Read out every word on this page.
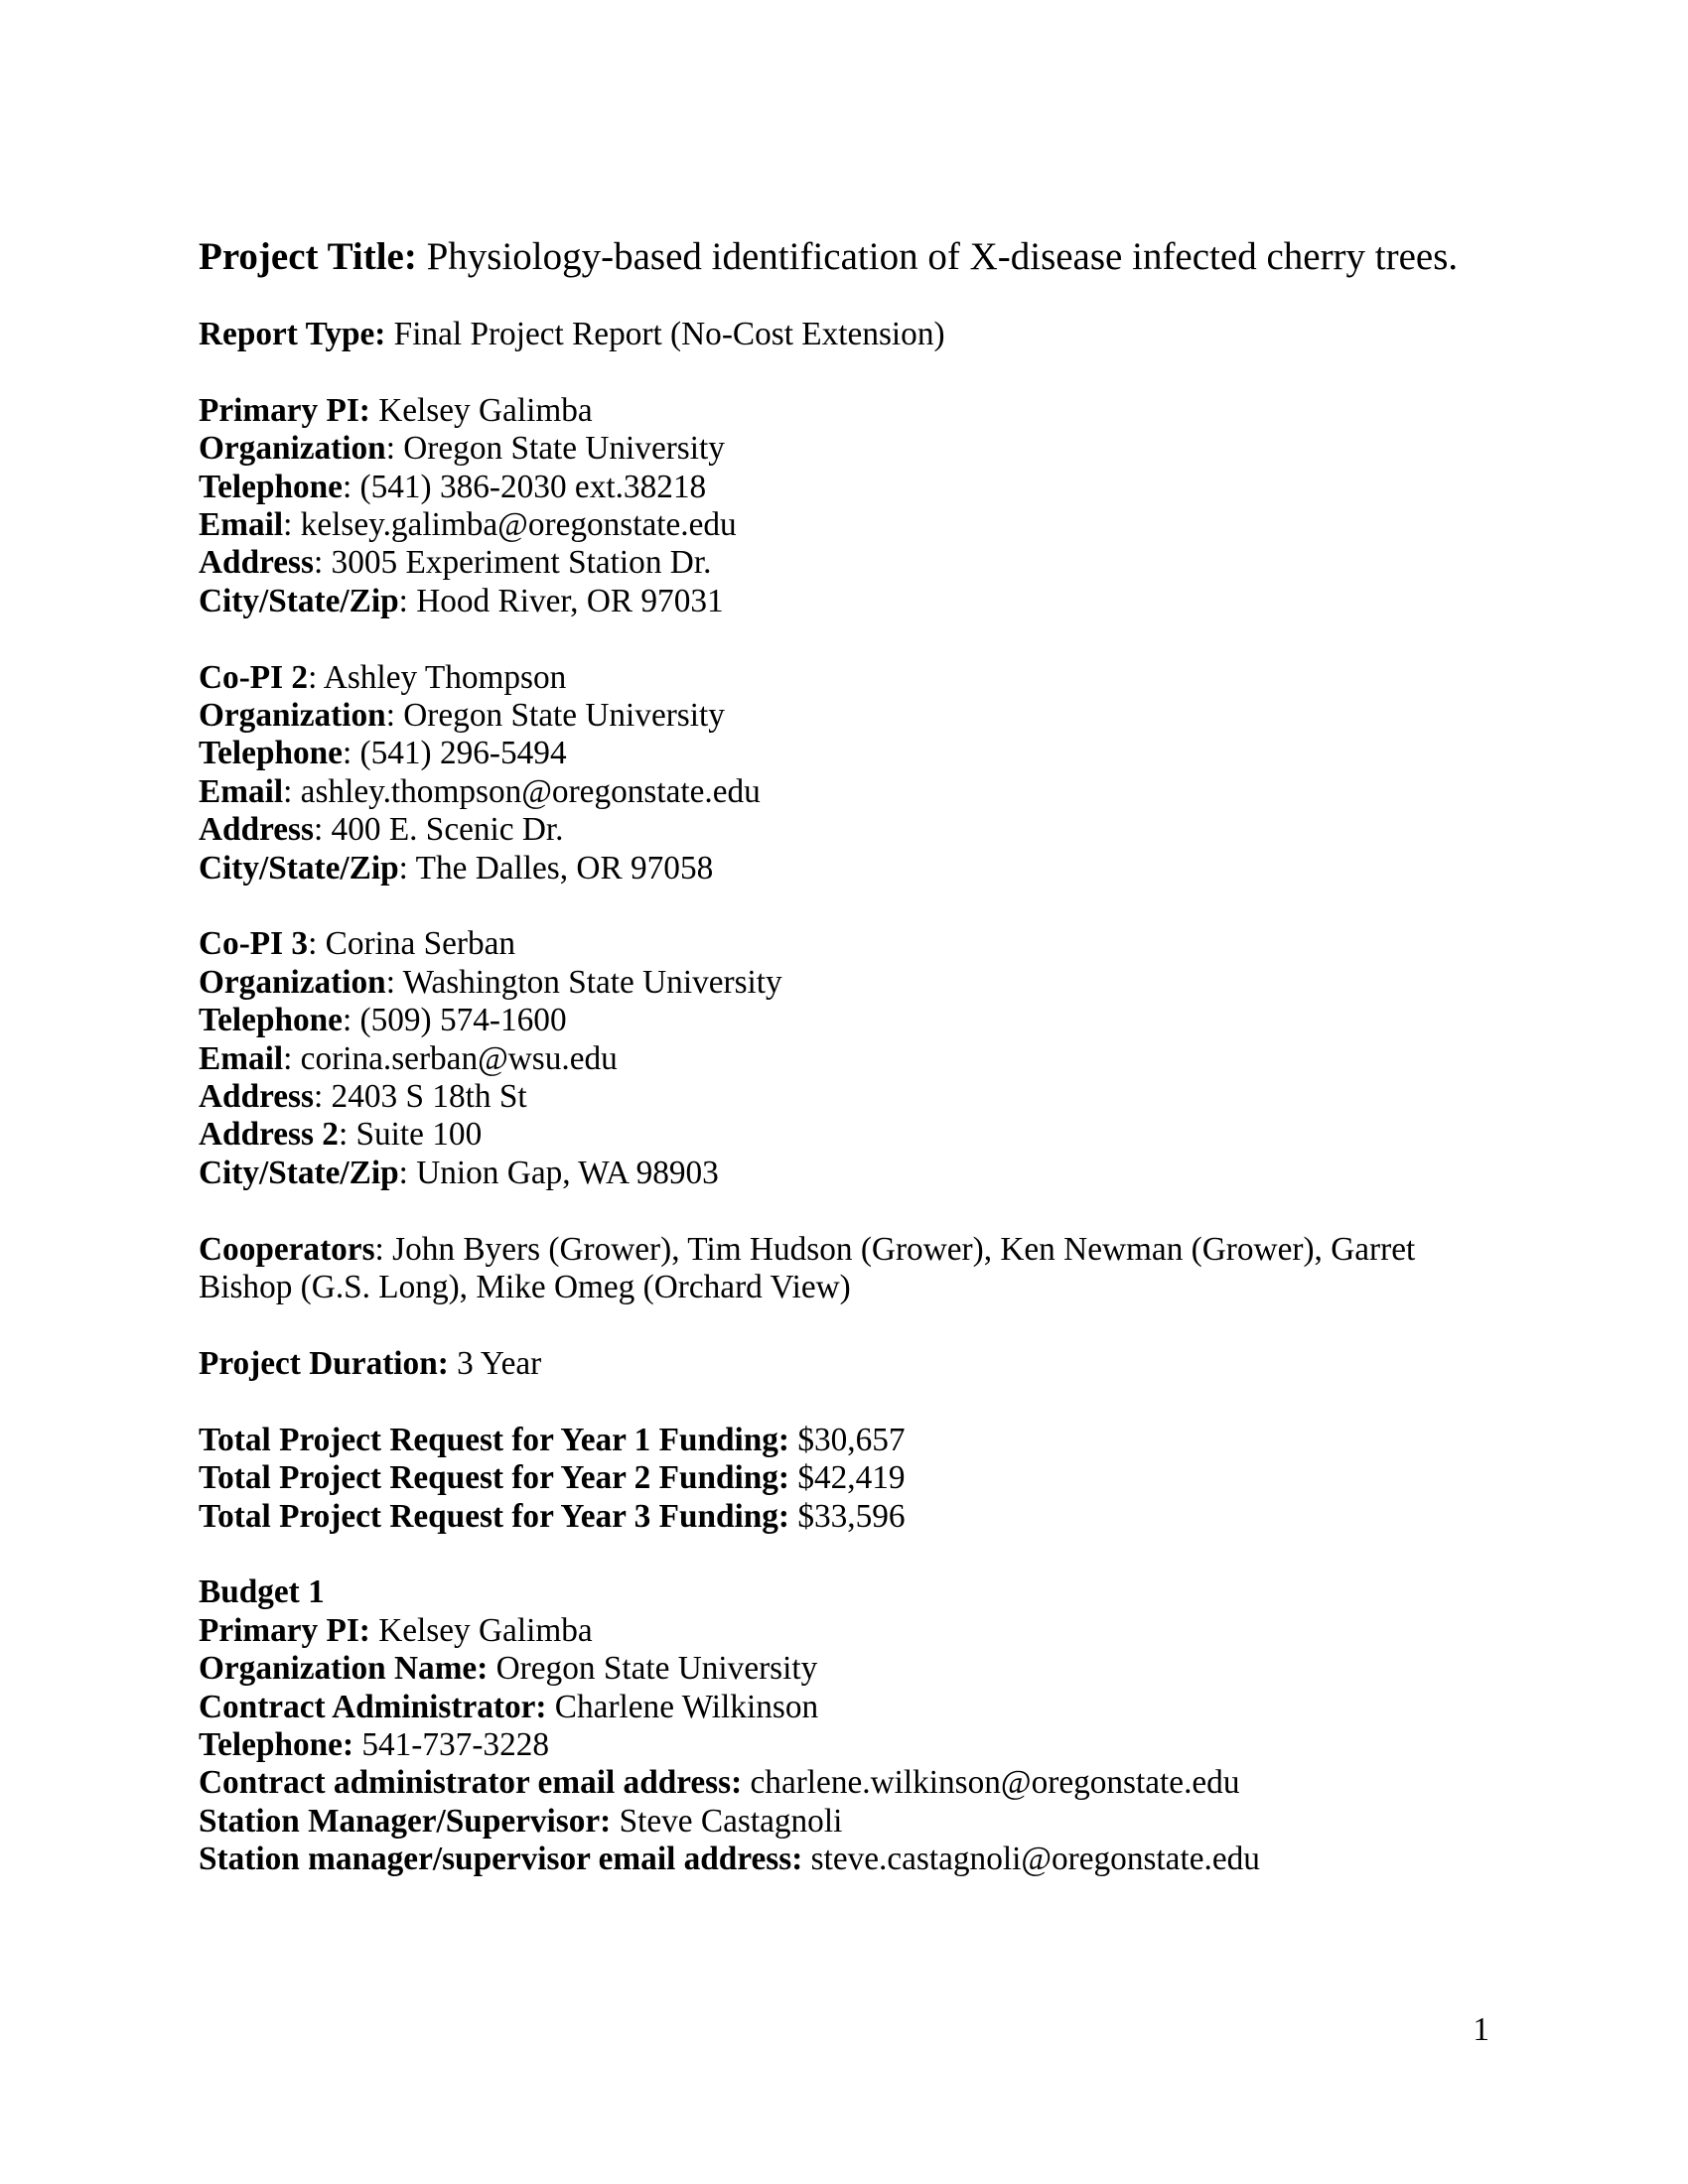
Project Title: Physiology-based identification of X-disease infected cherry trees.

Report Type: Final Project Report (No-Cost Extension)

Primary PI: Kelsey Galimba

Organization: Oregon State University

Telephone: (541) 386-2030 ext.38218

Email: kelsey.galimba@oregonstate.edu

Address: 3005 Experiment Station Dr.

City/State/Zip: Hood River, OR 97031

Co-PI 2: Ashley Thompson

Organization: Oregon State University

Telephone: (541) 296-5494

Email: ashley.thompson@oregonstate.edu

Address: 400 E. Scenic Dr.

City/State/Zip: The Dalles, OR 97058

Co-PI 3: Corina Serban

Organization: Washington State University

Telephone: (509) 574-1600

Email: corina.serban@wsu.edu

Address: 2403 S 18th St

Address 2: Suite 100

City/State/Zip: Union Gap, WA 98903

Cooperators: John Byers (Grower), Tim Hudson (Grower), Ken Newman (Grower), Garret Bishop (G.S. Long), Mike Omeg (Orchard View)

Project Duration: 3 Year

Total Project Request for Year 1 Funding: $30,657

Total Project Request for Year 2 Funding: $42,419

Total Project Request for Year 3 Funding: $33,596

Budget 1

Primary PI: Kelsey Galimba

Organization Name: Oregon State University

Contract Administrator: Charlene Wilkinson

Telephone: 541-737-3228

Contract administrator email address: charlene.wilkinson@oregonstate.edu

Station Manager/Supervisor: Steve Castagnoli

Station manager/supervisor email address: steve.castagnoli@oregonstate.edu

1
